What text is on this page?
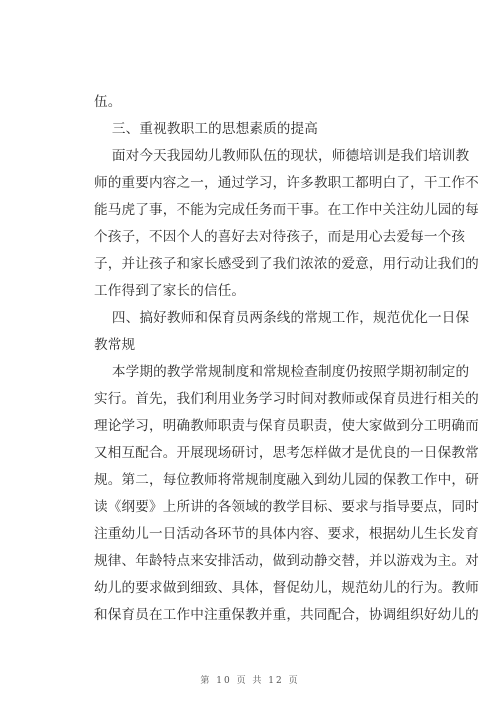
伍。
三、重视教职工的思想素质的提高
面对今天我园幼儿教师队伍的现状，师德培训是我们培训教
师的重要内容之一，通过学习，许多教职工都明白了，干工作不
能马虎了事，不能为完成任务而干事。在工作中关注幼儿园的每
个孩子，不因个人的喜好去对待孩子，而是用心去爱每一个孩
子，并让孩子和家长感受到了我们浓浓的爱意，用行动让我们的
工作得到了家长的信任。
四、搞好教师和保育员两条线的常规工作，规范优化一日保
教常规
本学期的教学常规制度和常规检查制度仍按照学期初制定的
实行。首先，我们利用业务学习时间对教师或保育员进行相关的
理论学习，明确教师职责与保育员职责，使大家做到分工明确而
又相互配合。开展现场研讨，思考怎样做才是优良的一日保教常
规。第二，每位教师将常规制度融入到幼儿园的保教工作中，研
读《纲要》上所讲的各领域的教学目标、要求与指导要点，同时
注重幼儿一日活动各环节的具体内容、要求，根据幼儿生长发育
规律、年龄特点来安排活动，做到动静交替，并以游戏为主。对
幼儿的要求做到细致、具体，督促幼儿，规范幼儿的行为。教师
和保育员在工作中注重保教并重，共同配合，协调组织好幼儿的
第 10 页 共 12 页
